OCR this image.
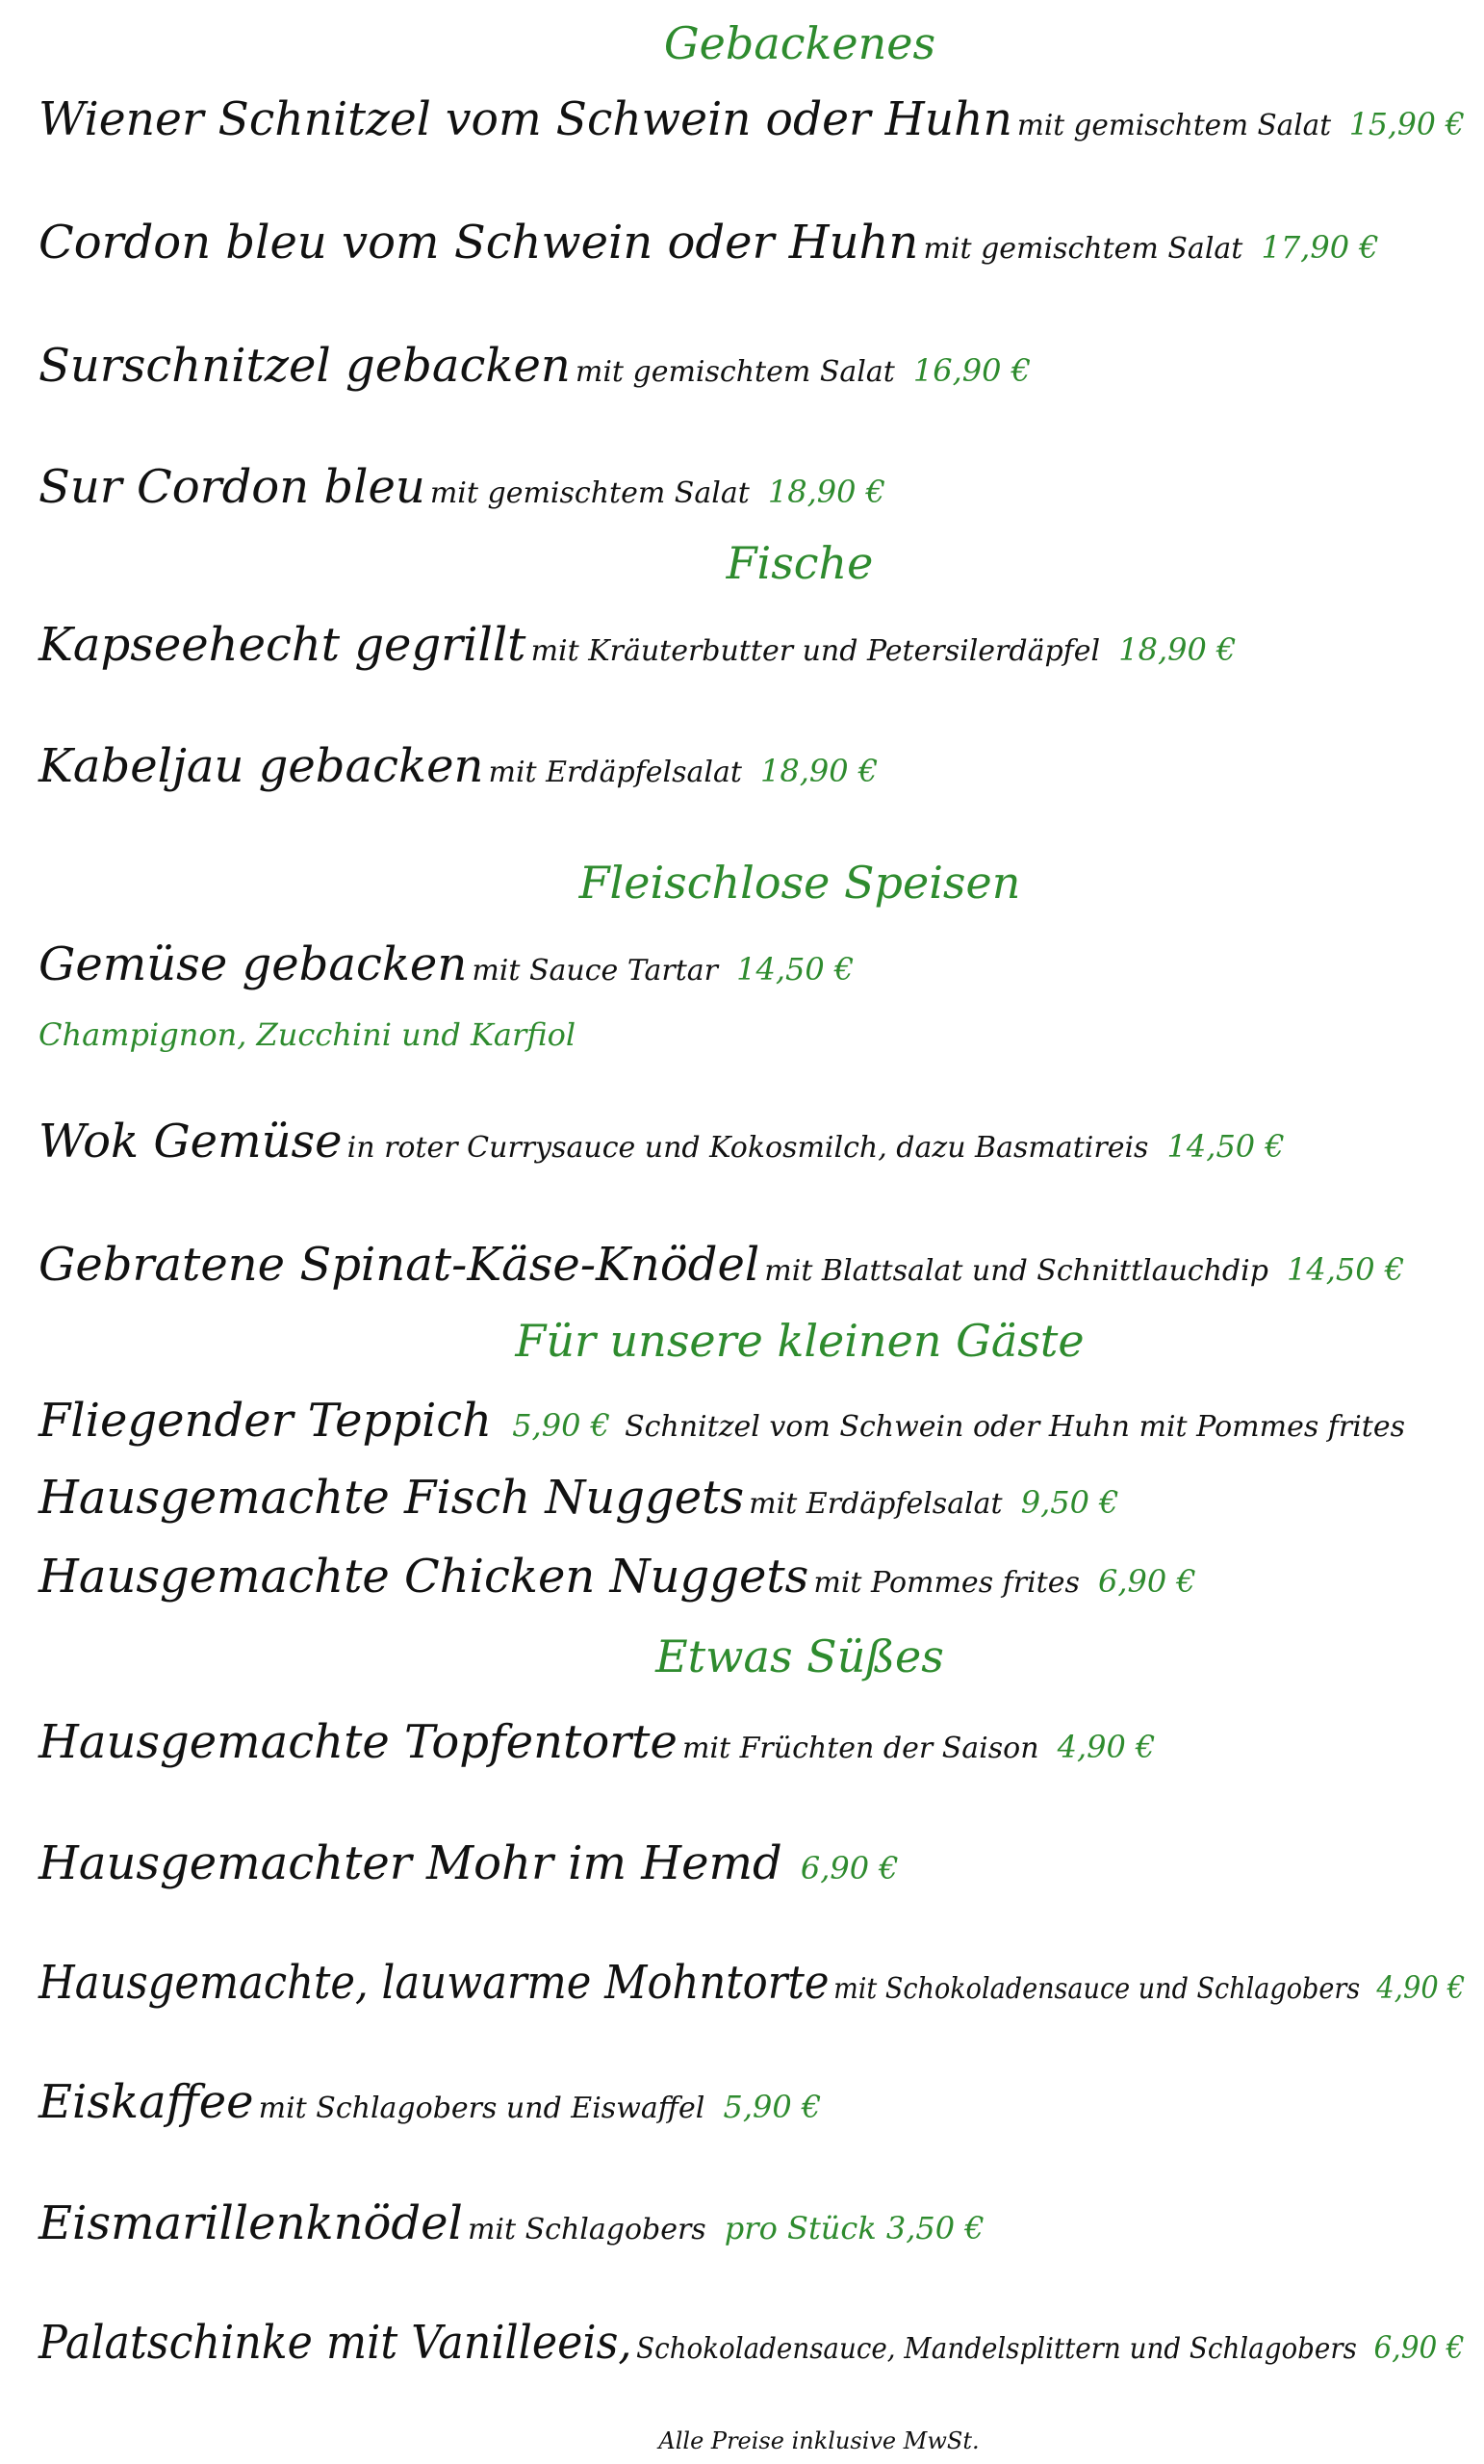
Gebackenes
Wiener Schnitzel vom Schwein oder Huhn mit gemischtem Salat 15,90 €
Cordon bleu vom Schwein oder Huhn mit gemischtem Salat 17,90 €
Surschnitzel gebacken mit gemischtem Salat 16,90 €
Sur Cordon bleu mit gemischtem Salat 18,90 €
Fische
Kapseehecht gegrillt mit Kräuterbutter und Petersilerdäpfel 18,90 €
Kabeljau gebacken mit Erdäpfelsalat 18,90 €
Fleischlose Speisen
Gemüse gebacken mit Sauce Tartar 14,50 €
Champignon, Zucchini und Karfiol
Wok Gemüse in roter Currysauce und Kokosmilch, dazu Basmatireis 14,50 €
Gebratene Spinat-Käse-Knödel mit Blattsalat und Schnittlauchdip 14,50 €
Für unsere kleinen Gäste
Fliegender Teppich 5,90 € Schnitzel vom Schwein oder Huhn mit Pommes frites
Hausgemachte Fisch Nuggets mit Erdäpfelsalat 9,50 €
Hausgemachte Chicken Nuggets mit Pommes frites 6,90 €
Etwas Süßes
Hausgemachte Topfentorte mit Früchten der Saison 4,90 €
Hausgemachter Mohr im Hemd 6,90 €
Hausgemachte, lauwarme Mohntorte mit Schokoladensauce und Schlagobers 4,90 €
Eiskaffee mit Schlagobers und Eiswaffel 5,90 €
Eismarillenknödel mit Schlagobers pro Stück 3,50 €
Palatschinke mit Vanilleeis, Schokoladensauce, Mandelsplittern und Schlagobers 6,90 €
Alle Preise inklusive MwSt.
